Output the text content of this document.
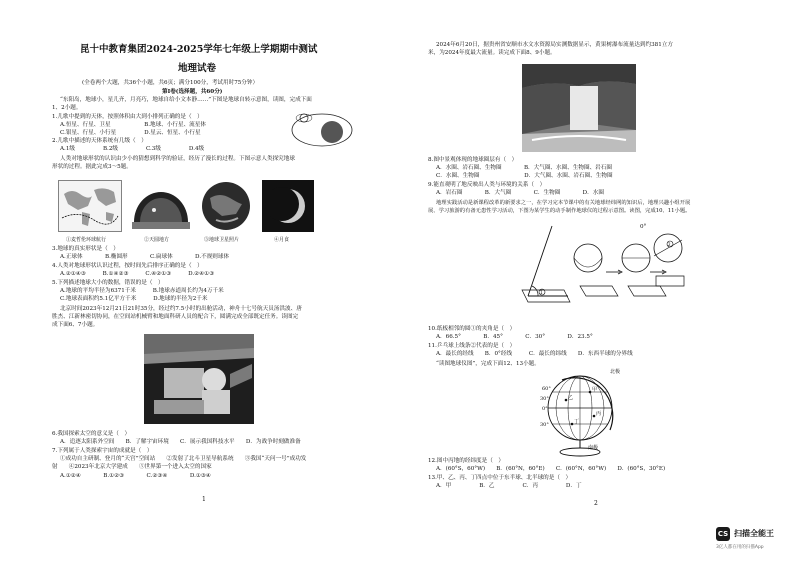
昆十中教育集团2024-2025学年七年级上学期期中测试
地理试卷
(全卷两个大题，共36个小题，共6页；满分100分，考试用时75分钟）
第Ⅰ卷(选择题，共60分)
“东阳岛，地球小，星儿齐，月亮巧，地球自给小文本静……”下图是地球自转示意图，读图，完成下面
1、2小题。
1.儿歌中提到的天体，按照体积由大到小排列正确的是（　）
A.恒星、行星、卫星　　　　　　B.地球、小行星、流星体
C.银星、行星、小行星　　　　　D.星云、恒星、小行星
2.儿歌中描述的天体系统有几级（　）
A.1级　　　　　B.2级　　　　　C.3级　　　　　D.4级
人类对地球形状的认识由少小的猜想到科学的验证，经历了漫长的过程。下图示意人类探究地球
形状的过程。据此完成3～5题。
①麦哲伦环球航行	②天圆地方	③地球卫星照片	④月食
3.地球的真实形状是（　）
A.正球体　　　　B.椭圆形　　　　C.扁球体　　　　D.不规则球体
4.人类对地球形状认识过程，按时间先后排序正确的是（　）
A.②①④③　　　B.①④②③　　　C.④②①③　　　D.②④①③
5.下列描述地球大小的数据，错误的是（　）
A.地球的平均半径为6371千米　　　B.地球赤道周长约为4万千米
C.地球表面积约5.1亿平方千米　　　D.地球的半径为2千米
北京时间2023年12月21日21时35分，经过约7.5小时的出舱活动，神舟十七号航天员汤洪波、唐
胜杰、江新林密切协同，在空间站机械臂和地面科研人员的配合下，圆满完成全部既定任务。读图完
成下面6、7小题。
6.我国探索太空的意义是（　）
A．追逐太阳系外空间　　B．了解宇宙环境　　C．展示我国科技水平　　D．为战争时刻做准备
7.下列属于人类探索宇宙的成就是（　）
①成功自主研制、登月的“天宫”空间站　　②发射了北斗卫星导航系统　　③我国“天问一号”成功发
射　　④2023年北京大学建成　　⑤世界第一个进入太空的国家
A.①②④　　　　B.①②③　　　　C.②③④　　　　D.①③④
1
2024年6月20日，据贵州省安顺市水文水资源局实测数据显示，黄果树瀑布流量达到约381立方
米，为2024年度最大流量。读完成下面8、9小题。
8.图中景观体现的地球圈层有（　）
A．水圈、岩石圈、生物圈　　　　B．大气圈、水圈、生物圈、岩石圈
C．水圈、生物圈　　　　　　　　D．大气圈、水圈、岩石圈、生物圈
9.能直观明了地反映出人类与环境的关系（　）
A．岩石圈　　　　B．大气圈　　　　C．生物圈　　　　D．水圈
地理实践活动是新课程改革的新要求之一，在学习完本节课中的有关地球经纬网的知识后，地理兴趣小组开展
展、学习旅游的有备无患性学习活动，下图为某学生的动手制作地球仪的过程示意图。读图，完成10、11小题。
1
2
0°
10.纸板相邻的圆①的夹角是（　）
A．66.5°　　　　B．45°　　　　C．30°　　　　D．23.5°
11.乒乓球上线条②代表的是（　）
A．最长的经线　　B．0°经线　　　C．最长的纬线　　D．东西半球的分界线
“读图地球仪图”，完成下面12、13小题。
北极
南极
甲
乙
丙
丁
60°
30°
0°
30°
12.图中丙地的经纬度是（　）
A．(60°S，60°W)　　B．(60°N，60°E)　　C．(60°N，60°W)　　D．(60°S，30°E)
13.甲、乙、丙、丁四点中位于东半球、北半球的是（　）
A．甲　　　　　B．乙　　　　　C．丙　　　　　D．丁
2
CS 扫描全能王
3亿人都在用的扫描App
